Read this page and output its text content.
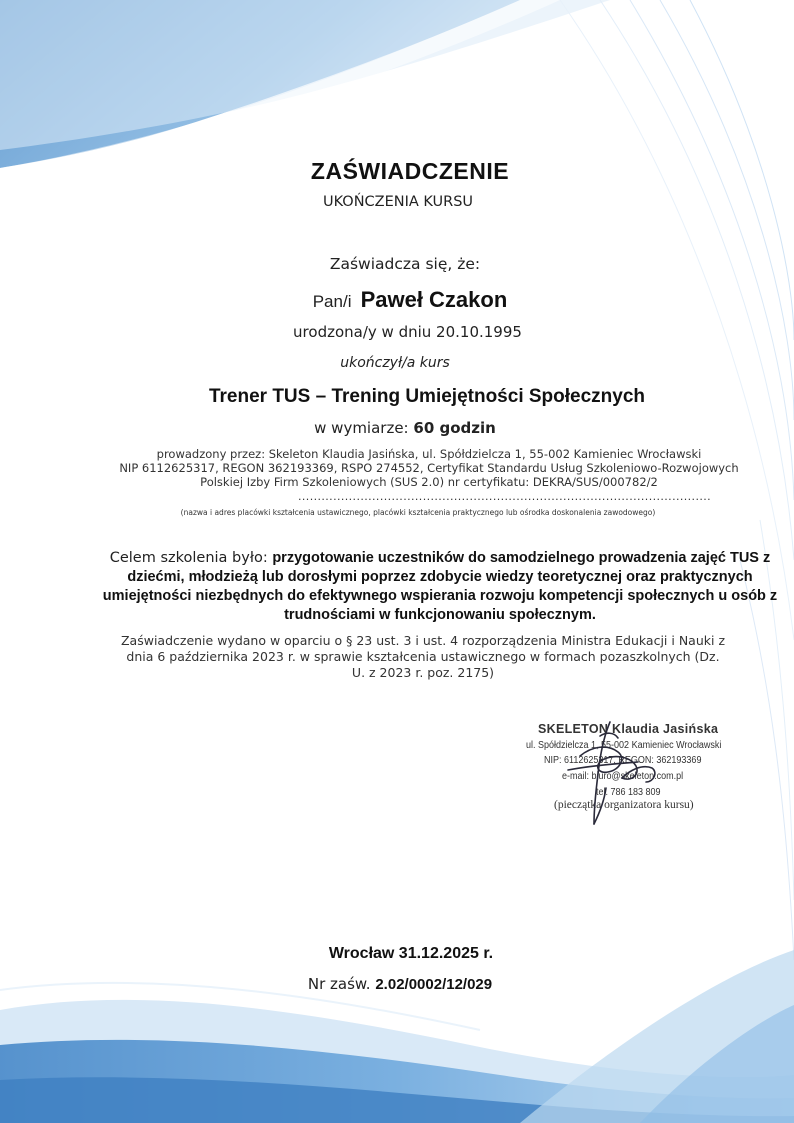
ZAŚWIADCZENIE
UKOŃCZENIA KURSU
Zaświadcza się, że:
Pan/i Paweł Czakon
urodzona/y w dniu 20.10.1995
ukończył/a kurs
Trener TUS – Trening Umiejętności Społecznych
w wymiarze: 60 godzin
prowadzony przez: Skeleton Klaudia Jasińska, ul. Spółdzielcza 1, 55-002 Kamieniec Wrocławski
NIP 6112625317, REGON 362193369, RSPO 274552, Certyfikat Standardu Usług Szkoleniowo-Rozwojowych
Polskiej Izby Firm Szkoleniowych (SUS 2.0) nr certyfikatu: DEKRA/SUS/000782/2
..........................................................................................................
(nazwa i adres placówki kształcenia ustawicznego, placówki kształcenia praktycznego lub ośrodka doskonalenia zawodowego)
Celem szkolenia było: przygotowanie uczestników do samodzielnego prowadzenia zajęć TUS z dziećmi, młodzieżą lub dorosłymi poprzez zdobycie wiedzy teoretycznej oraz praktycznych umiejętności niezbędnych do efektywnego wspierania rozwoju kompetencji społecznych u osób z trudnościami w funkcjonowaniu społecznym.
Zaświadczenie wydano w oparciu o § 23 ust. 3 i ust. 4 rozporządzenia Ministra Edukacji i Nauki z dnia 6 października 2023 r. w sprawie kształcenia ustawicznego w formach pozaszkolnych (Dz. U. z 2023 r. poz. 2175)
SKELETON Klaudia Jasińska
ul. Spółdzielcza 1, 55-002 Kamieniec Wrocławski
NIP: 6112625317, REGON: 362193369
e-mail: biuro@skeleton.com.pl
tel. 786 183 809
(pieczątka organizatora kursu)
Wrocław 31.12.2025 r.
Nr zaśw. 2.02/0002/12/029
